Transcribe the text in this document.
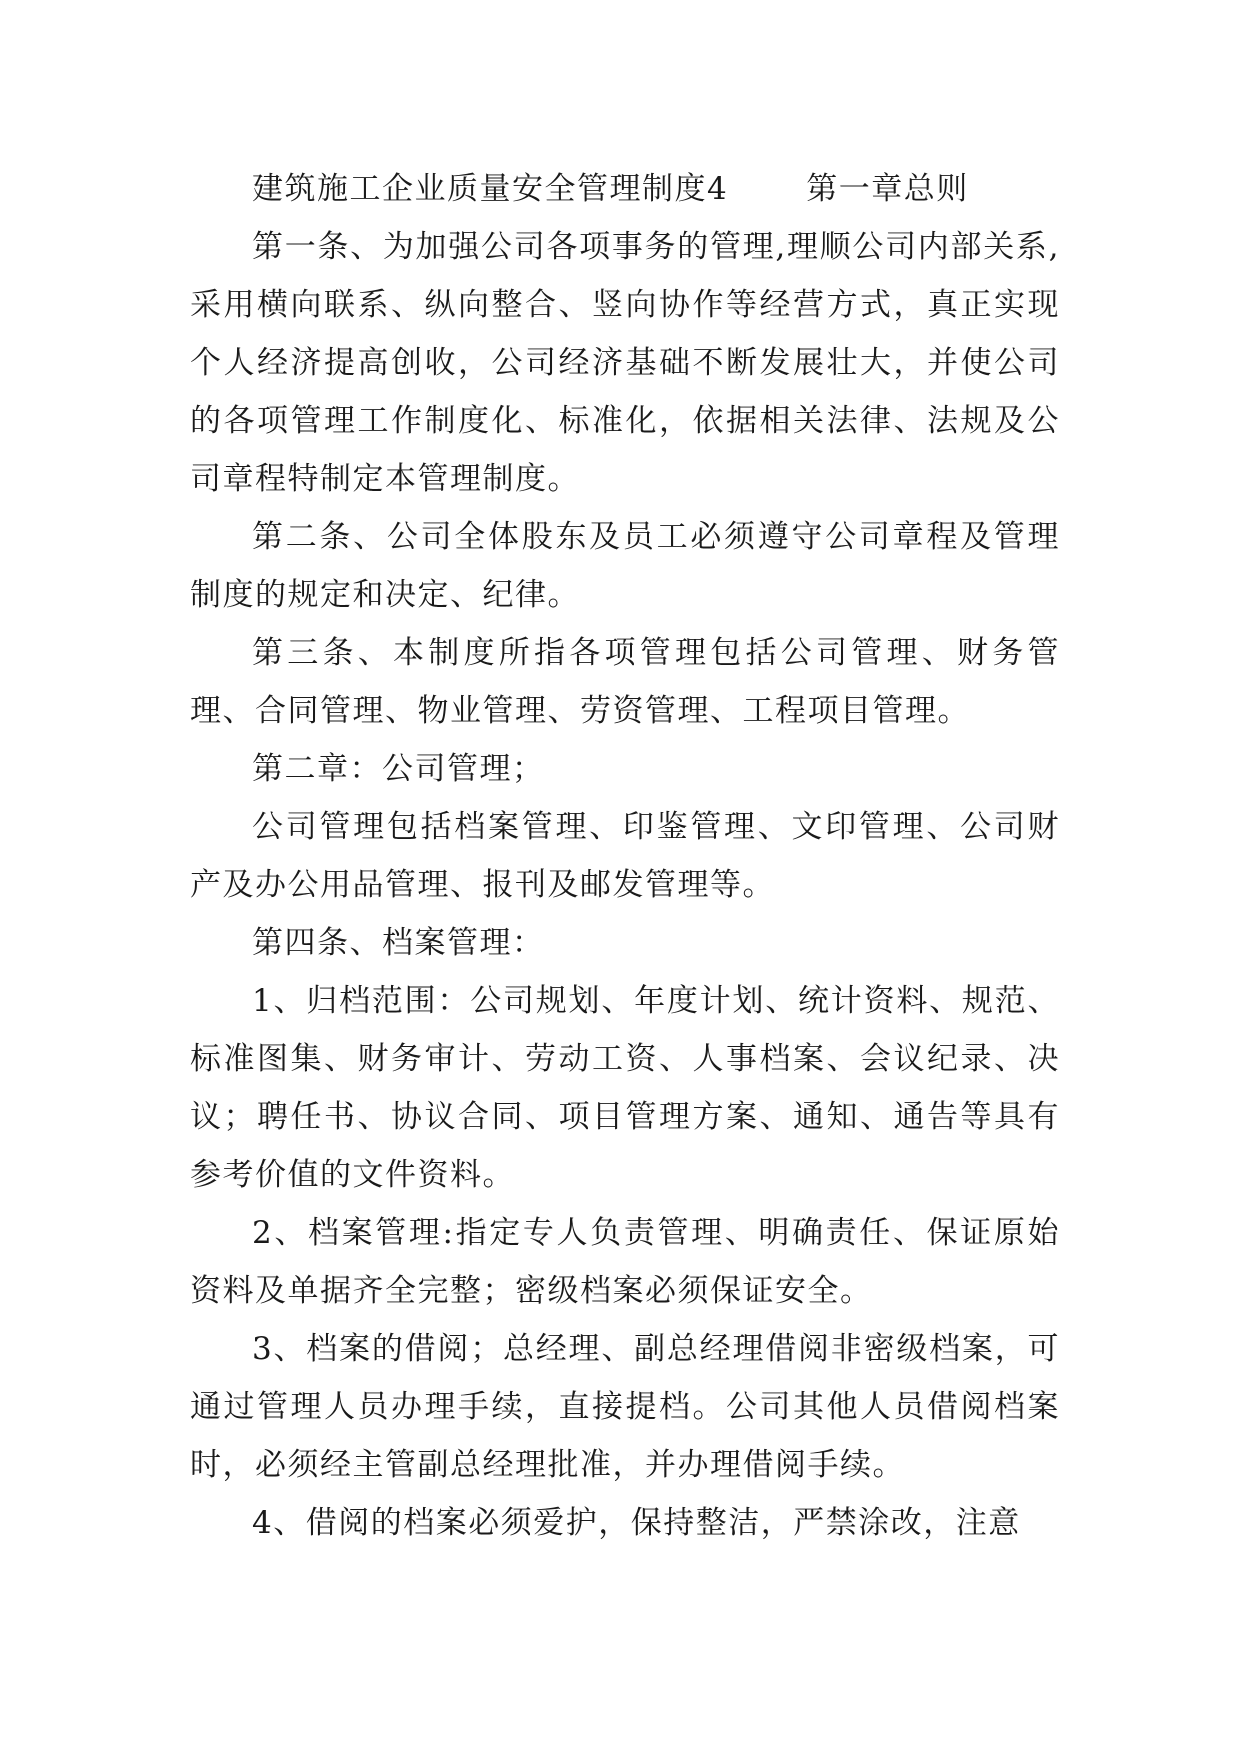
建筑施工企业质量安全管理制度4	第一章总则

第一条、为加强公司各项事务的管理,理顺公司内部关系,采用横向联系、纵向整合、竖向协作等经营方式，真正实现个人经济提高创收，公司经济基础不断发展壮大，并使公司的各项管理工作制度化、标准化，依据相关法律、法规及公司章程特制定本管理制度。

第二条、公司全体股东及员工必须遵守公司章程及管理制度的规定和决定、纪律。

第三条、本制度所指各项管理包括公司管理、财务管理、合同管理、物业管理、劳资管理、工程项目管理。

第二章：公司管理；

公司管理包括档案管理、印鉴管理、文印管理、公司财产及办公用品管理、报刊及邮发管理等。

第四条、档案管理：

1、归档范围：公司规划、年度计划、统计资料、规范、标准图集、财务审计、劳动工资、人事档案、会议纪录、决议；聘任书、协议合同、项目管理方案、通知、通告等具有参考价值的文件资料。

2、档案管理:指定专人负责管理、明确责任、保证原始资料及单据齐全完整；密级档案必须保证安全。

3、档案的借阅；总经理、副总经理借阅非密级档案，可通过管理人员办理手续，直接提档。公司其他人员借阅档案时，必须经主管副总经理批准，并办理借阅手续。

4、借阅的档案必须爱护，保持整洁，严禁涂改，注意
